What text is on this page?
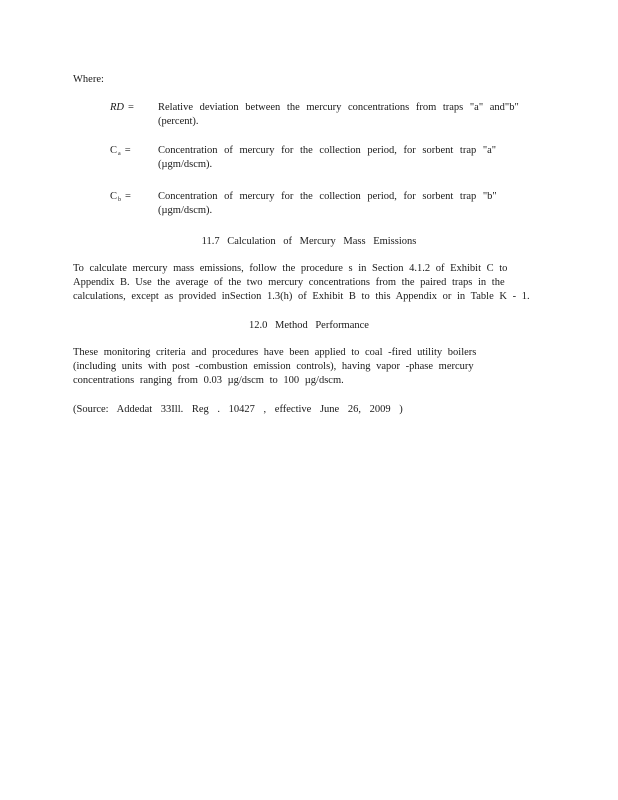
Where:
RD =	Relative deviation between the mercury concentrations from traps "a" and"b"
(percent).
$C_a$ =	Concentration of mercury for the collection period, for sorbent trap "a"
(µgm/dscm).
$C_b$ =	Concentration of mercury for the collection period, for sorbent trap "b"
(µgm/dscm).
11.7 Calculation of Mercury Mass Emissions
To calculate mercury mass emissions, follow the procedure s in Section 4.1.2 of Exhibit C to
Appendix B. Use the average of the two mercury concentrations from the paired traps in the
calculations, except as provided inSection 1.3(h) of Exhibit B to this Appendix or in Table K - 1.
12.0 Method Performance
These monitoring criteria and procedures have been applied to coal -fired utility boilers
(including units with post -combustion emission controls), having vapor -phase mercury
concentrations ranging from 0.03 µg/dscm to 100 µg/dscm.
(Source: Addedat 33Ill. Reg . 10427 , effective June 26, 2009 )
